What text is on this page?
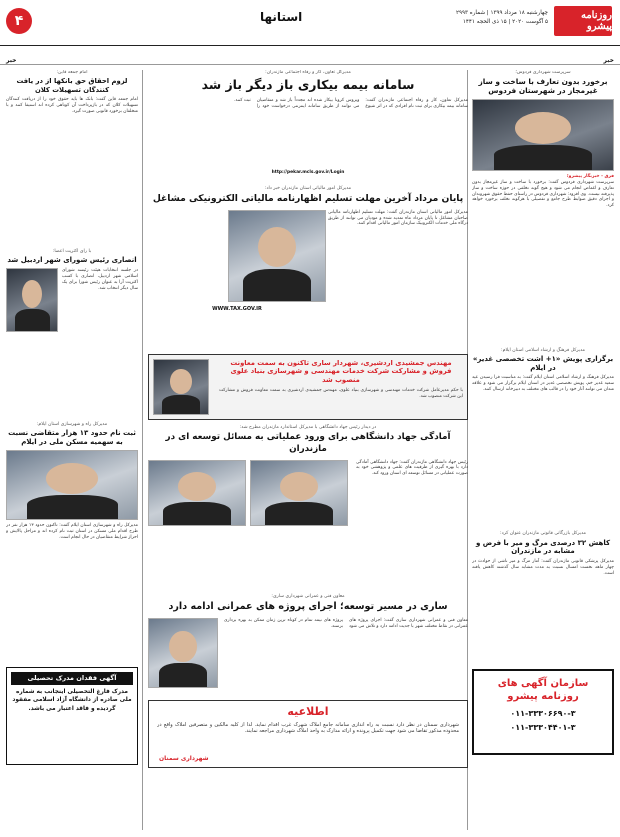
۴	استانها	چهارشنبه ۱۸ مرداد ۱۳۹۹ | شماره ۲۹۹۳
۵ آگوست ۲۰۲۰ | ۱۵ ذی الحجه ۱۴۴۱
روزنامه پیشرو
خبر	خبر
سرپرست شهرداری فردوس؛
برخورد بدون تعارف با ساخت و ساز غیرمجاز در شهرستان فردوس
فرق - خبرنگار پیشرو؛

سرپرست شهرداری فردوس گفت: برخورد با ساخت و ساز غیرمجاز بدون تعارف و اغماض انجام می شود و هیچ گونه تخلفی در حوزه ساخت و ساز پذیرفته نیست. وی افزود: شهرداری فردوس در راستای حفظ حقوق شهروندان و اجرای دقیق ضوابط طرح جامع و تفصیلی با هرگونه تخلف برخورد خواهد کرد.

مدیرکل فرهنگ و ارشاد اسلامی استان ایلام:
برگزاری پویش «۱+ اشت تخصصی غدیر» در ایلام

مدیرکل فرهنگ و ارشاد اسلامی استان ایلام گفت: به مناسبت فرا رسیدن عید سعید غدیر خم، پویش تخصصی غدیر در استان ایلام برگزار می شود و علاقه مندان می توانند آثار خود را در قالب های مختلف به دبیرخانه ارسال کنند.

مدیرکل بازرگانی قانونی مازندران عنوان کرد:
کاهش ۳۲ درصدی مرگ و میر با فرض و مشابه در مازندران

مدیرکل پزشکی قانونی مازندران گفت: آمار مرگ و میر ناشی از حوادث در چهار ماهه نخست امسال نسبت به مدت مشابه سال گذشته کاهش یافته است.

سازمان آگهی های روزنامه پیشرو
۰۱۱-۳۳۳۰۶۶۹۰-۳
۰۱۱-۳۳۳۰۴۴۰۱-۳
مدیرکل تعاون، کار و رفاه اجتماعی مازندران:
سامانه بیمه بیکاری باز دیگر باز شد

مدیرکل تعاون، کار و رفاه اجتماعی مازندران گفت: سامانه بیمه بیکاری برای ثبت نام افرادی که در اثر شیوع ویروس کرونا بیکار شده اند مجدداً باز شد و متقاضیان می توانند از طریق سامانه اینترنتی درخواست خود را ثبت کنند.

http://pekar.mcls.gov.ir/Login
مدیرکل امور مالیاتی استان مازندران خبر داد:
پایان مرداد آخرین مهلت تسلیم اظهارنامه مالیاتی الکترونیکی مشاغل

مدیرکل امور مالیاتی استان مازندران گفت: مهلت تسلیم اظهارنامه مالیاتی صاحبان مشاغل تا پایان مرداد ماه تمدید شده و مودیان می توانند از طریق درگاه ملی خدمات الکترونیک سازمان امور مالیاتی اقدام کنند.

WWW.TAX.GOV.IR
مهندس جمشیدی اردشیری، شهردار ساری تاکنون به سمت معاونت فروش و مشارکت شرکت خدمات مهندسی و شهرسازی بنیاد علوی منصوب شد

با حکم مدیرعامل شرکت خدمات مهندسی و شهرسازی بنیاد علوی، مهندس جمشیدی اردشیری به سمت معاونت فروش و مشارکت این شرکت منصوب شد.

در دیدار رئیس جهاد دانشگاهی با مدیرکل استاندارد مازندران مطرح شد:
آمادگی جهاد دانشگاهی برای ورود عملیاتی به مسائل توسعه ای در مازندران

رئیس جهاد دانشگاهی مازندران گفت: جهاد دانشگاهی آمادگی دارد با بهره گیری از ظرفیت های علمی و پژوهشی خود به صورت عملیاتی در مسائل توسعه ای استان ورود کند.

معاون فنی و عمرانی شهرداری ساری:
ساری در مسیر توسعه؛ اجرای پروژه های عمرانی ادامه دارد

معاون فنی و عمرانی شهرداری ساری گفت: اجرای پروژه های عمرانی در نقاط مختلف شهر با جدیت ادامه دارد و تلاش می شود پروژه های نیمه تمام در کوتاه ترین زمان ممکن به بهره برداری برسند.

اطلاعیه

شهرداری سمنان در نظر دارد نسبت به راه اندازی سامانه جامع املاک شهرک غرب اقدام نماید. لذا از کلیه مالکین و متصرفین املاک واقع در محدوده مذکور تقاضا می شود جهت تکمیل پرونده و ارائه مدارک به واحد املاک شهرداری مراجعه نمایند.

شهرداری سمنان
امام جمعه قاین:
لزوم احقاق حق بانکها از در یافت کنندگان تسهیلات کلان

امام جمعه قاین گفت: بانک ها باید حقوق خود را از دریافت کنندگان تسهیلات کلان که در بازپرداخت آن کوتاهی کرده اند استیفا کنند و با متخلفان برخورد قانونی صورت گیرد.

با رای اکثریت اعضا:
انصاری رئیس شورای شهر اردبیل شد

در جلسه انتخابات هیئت رئیسه شورای اسلامی شهر اردبیل، انصاری با کسب اکثریت آرا به عنوان رئیس شورا برای یک سال دیگر انتخاب شد.

مدیرکل راه و شهرسازی استان ایلام:
ثبت نام حدود ۱۳ هزار متقاضی نسبت به سهمیه مسکن ملی در ایلام

مدیرکل راه و شهرسازی استان ایلام گفت: تاکنون حدود ۱۳ هزار نفر در طرح اقدام ملی مسکن در استان ثبت نام کرده اند و مراحل پالایش و احراز شرایط متقاضیان در حال انجام است.

آگهی فقدان مدرک تحصیلی

مدرک فارغ التحصیلی اینجانب به شماره ملی صادره از دانشگاه آزاد اسلامی مفقود گردیده و فاقد اعتبار می باشد.
